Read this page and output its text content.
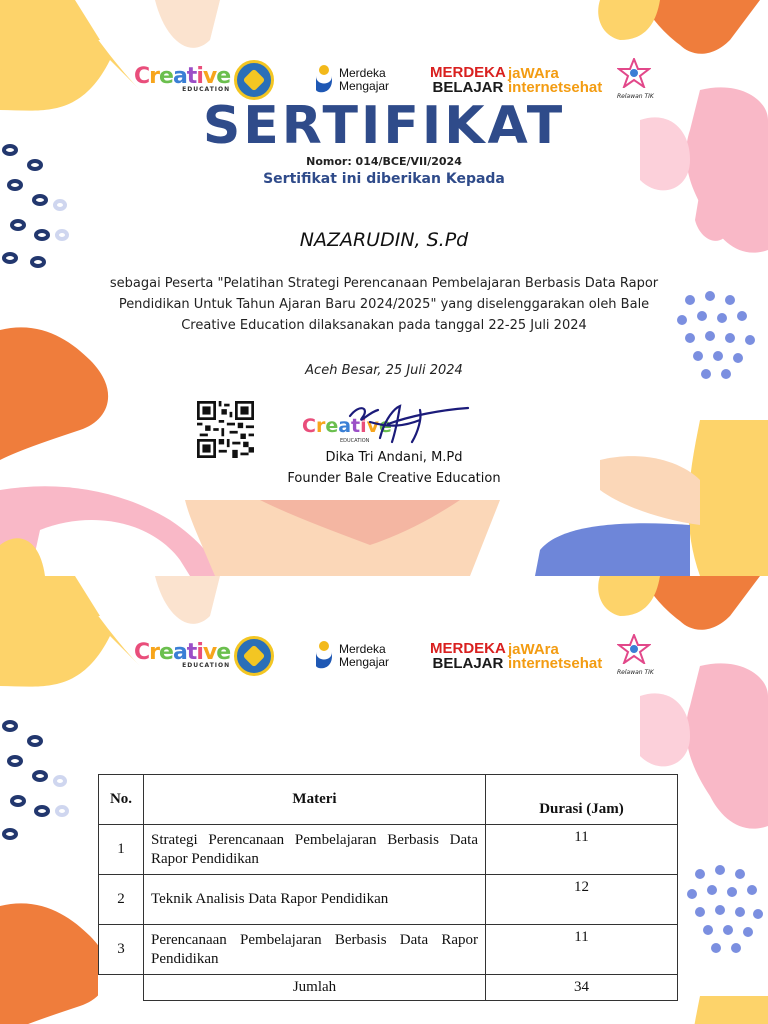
Creative
EDUCATION
Merdeka
Mengajar
MERDEKA
BELAJAR
jaWAra
internetsehat
Relawan TIK
SERTIFIKAT
Nomor: 014/BCE/VII/2024
Sertifikat ini diberikan Kepada
NAZARUDIN, S.Pd
sebagai Peserta "Pelatihan Strategi Perencanaan Pembelajaran Berbasis Data Rapor Pendidikan Untuk Tahun Ajaran Baru 2024/2025" yang diselenggarakan oleh Bale Creative Education dilaksanakan pada tanggal 22-25 Juli 2024
Aceh Besar, 25 Juli 2024
Creative
EDUCATION
Dika Tri Andani, M.Pd
Founder Bale Creative Education
Creative
EDUCATION
Merdeka
Mengajar
MERDEKA
BELAJAR
jaWAra
internetsehat
Relawan TIK
No.	Materi	Durasi (Jam)
1	Strategi Perencanaan Pembelajaran Berbasis Data Rapor Pendidikan	11
2	Teknik Analisis Data Rapor Pendidikan	12
3	Perencanaan Pembelajaran Berbasis Data Rapor Pendidikan	11
	Jumlah	34
